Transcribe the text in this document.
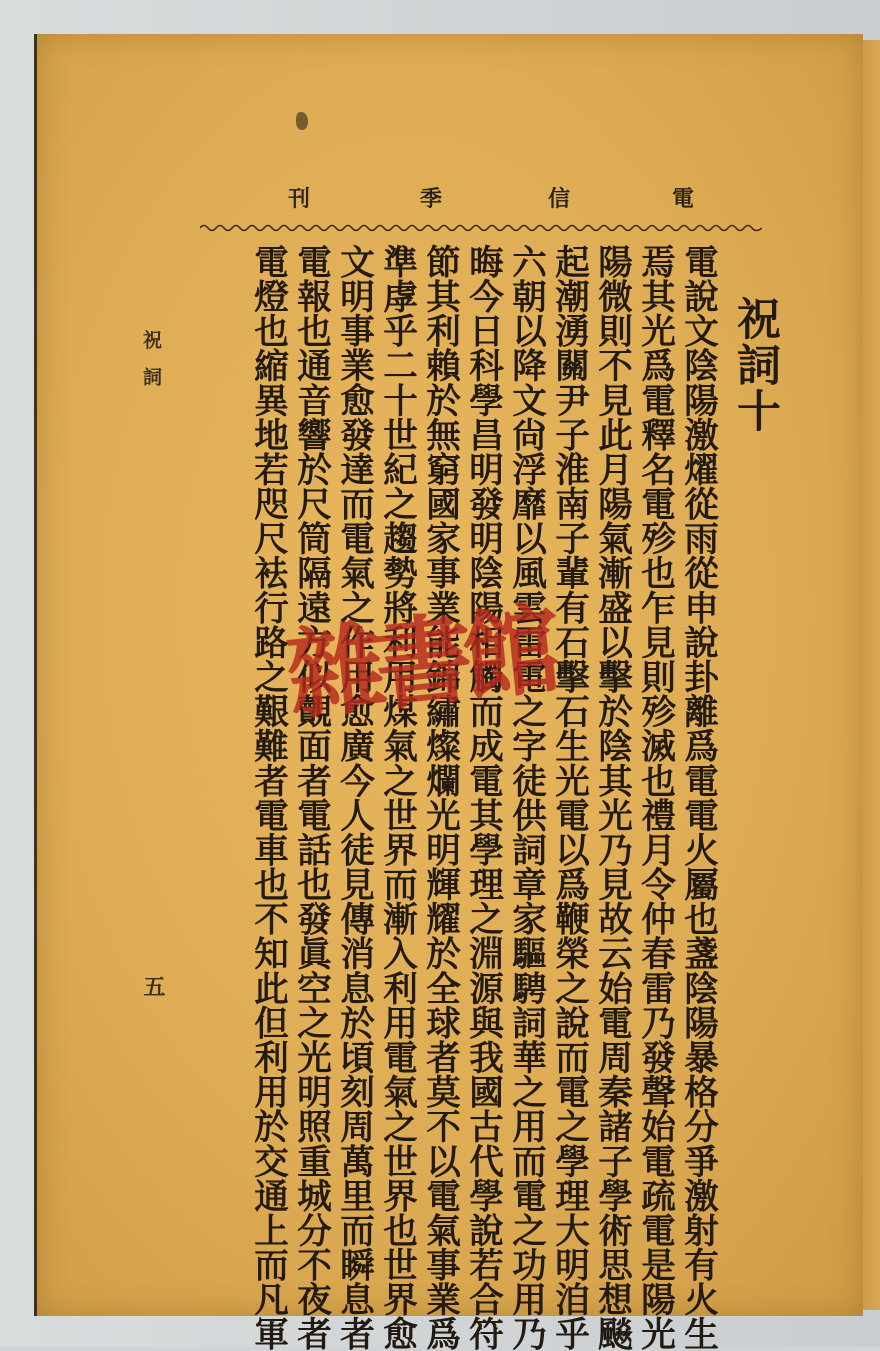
刊	季	信	電
祝詞十
電說文陰陽激燿從雨從申說卦離爲電電火屬也盞陰陽暴格分爭激射有火生
焉其光爲電釋名電殄也乍見則殄滅也禮月令仲春雷乃發聲始電疏電是陽光
陽微則不見此月陽氣漸盛以擊於陰其光乃見故云始電周秦諸子學術思想飈
起潮湧關尹子淮南子輩有石擊石生光電以爲鞭榮之說而電之學理大明洎乎
六朝以降文尙浮靡以風雲雷電之字徒供詞章家驅騁詞華之用而電之功用乃
晦今日科學昌明發明陰陽相觸而成電其學理之淵源與我國古代學說若合符
節其利賴於無窮國家事業能錦繡燦爛光明輝耀於全球者莫不以電氣事業爲
準虖乎二十世紀之趨勢將利用煤氣之世界而漸入利用電氣之世界也世界愈
文明事業愈發達而電氣之作用愈廣今人徒見傳消息於頃刻周萬里而瞬息者
電報也通音響於尺筒隔遠方似覿面者電話也發眞空之光明照重城分不夜者
電燈也縮異地若咫尺袪行路之艱難者電車也不知此但利用於交通上而凡軍
祝詞
五
雜書館
